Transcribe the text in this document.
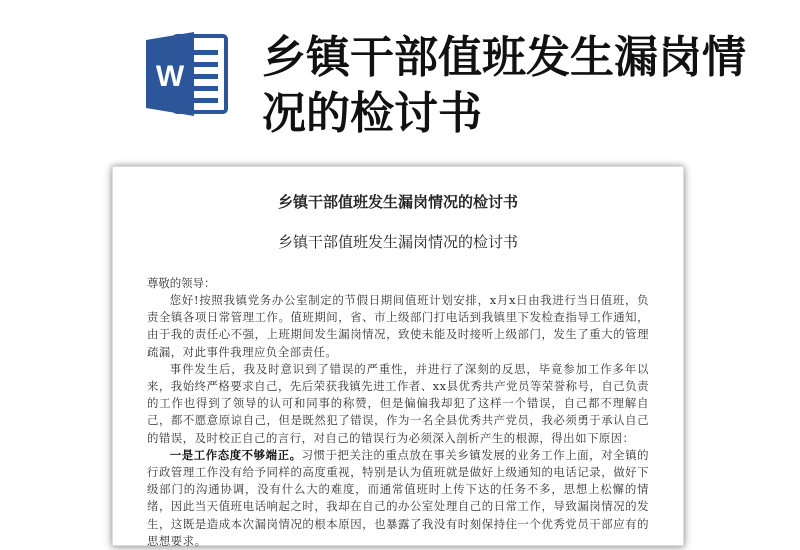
W 乡镇干部值班发生漏岗情况的检讨书
乡镇干部值班发生漏岗情况的检讨书
乡镇干部值班发生漏岗情况的检讨书
尊敬的领导：

您好!按照我镇党务办公室制定的节假日期间值班计划安排，x月x日由我进行当日值班，负责全镇各项日常管理工作。值班期间，省、市上级部门打电话到我镇里下发检查指导工作通知，由于我的责任心不强，上班期间发生漏岗情况，致使未能及时接听上级部门，发生了重大的管理疏漏，对此事件我理应负全部责任。

事件发生后，我及时意识到了错误的严重性，并进行了深刻的反思，毕竟参加工作多年以来，我始终严格要求自己，先后荣获我镇先进工作者、xx县优秀共产党员等荣誉称号，自己负责的工作也得到了领导的认可和同事的称赞，但是偏偏我却犯了这样一个错误，自己都不理解自己，都不愿意原谅自己，但是既然犯了错误，作为一名全县优秀共产党员，我必须勇于承认自己的错误，及时校正自己的言行，对自己的错误行为必须深入剖析产生的根源，得出如下原因：

一是工作态度不够端正。习惯于把关注的重点放在事关乡镇发展的业务工作上面，对全镇的行政管理工作没有给予同样的高度重视，特别是认为值班就是做好上级通知的电话记录，做好下级部门的沟通协调，没有什么大的难度，而通常值班时上传下达的任务不多，思想上松懈的情绪，因此当天值班电话响起之时，我却在自己的办公室处理自己的日常工作，导致漏岗情况的发生，这既是造成本次漏岗情况的根本原因，也暴露了我没有时刻保持住一个优秀党员干部应有的思想要求。
